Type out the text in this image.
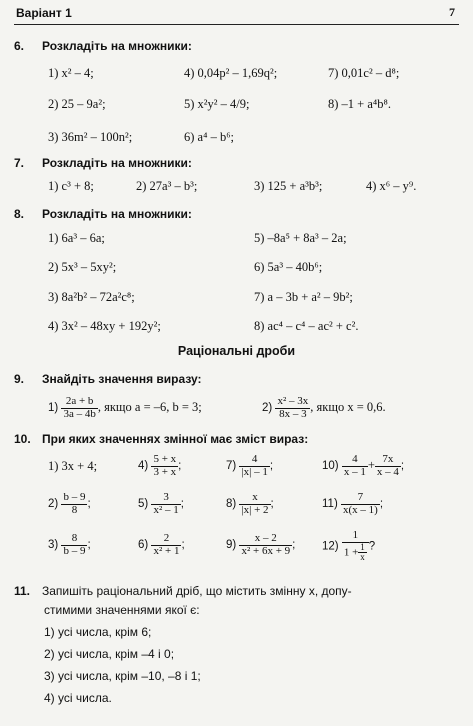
Варіант 1	7
6. Розкладіть на множники:
1) x² – 4;	4) 0,04p² – 1,69q²;	7) 0,01c² – d⁸;
2) 25 – 9a²;	5) x²y² – 4/9;	8) –1 + a⁴b⁸.
3) 36m² – 100n²;	6) a⁴ – b⁶;
7. Розкладіть на множники:
1) c³ + 8;	2) 27a³ – b³;	3) 125 + a³b³;	4) x⁶ – y⁹.
8. Розкладіть на множники:
1) 6a³ – 6a;	5) –8a⁵ + 8a³ – 2a;
2) 5x³ – 5xy²;	6) 5a³ – 40b⁶;
3) 8a²b² – 72a²c⁸;	7) a – 3b + a² – 9b²;
4) 3x² – 48xy + 192y²;	8) ac⁴ – c⁴ – ac² + c².
Раціональні дроби
9. Знайдіть значення виразу:
$1) \frac{2a + b}{3a - 4b}$ , якщо a = –6, b = 3;	$2) \frac{\text{x² – 3x}}{8x - 3}$ , якщо x = 0,6.
10. При яких значеннях змінної має зміст вираз:
1) 3x + 4;	$4) \frac{5 + x}{3 + x}$ ;	$7) \frac{4}{|x| - 1}$ ;	$10) \frac{4}{x - 1} + \frac{7x}{x - 4}$ ;
$2) \frac{b - 9}{8}$ ;	$5) \frac{3}{\text{x² – 1}}$ ;	$8) \frac{x}{|x| + 2}$ ;	$11) \frac{7}{x(x - 1)}$ ;
$3) \frac{8}{b - 9}$ ;	$6) \frac{2}{\text{x² + 1}}$ ;	$9) \frac{x - 2}{\text{x² + 6x + 9}}$ ; $12) \frac{1}{1 + \frac{1}{x}}$ ?
11. Запишіть раціональний дріб, що містить змінну x, допу-
стимими значеннями якої є:
1) усі числа, крім 6;
2) усі числа, крім –4 і 0;
3) усі числа, крім –10, –8 і 1;
4) усі числа.
